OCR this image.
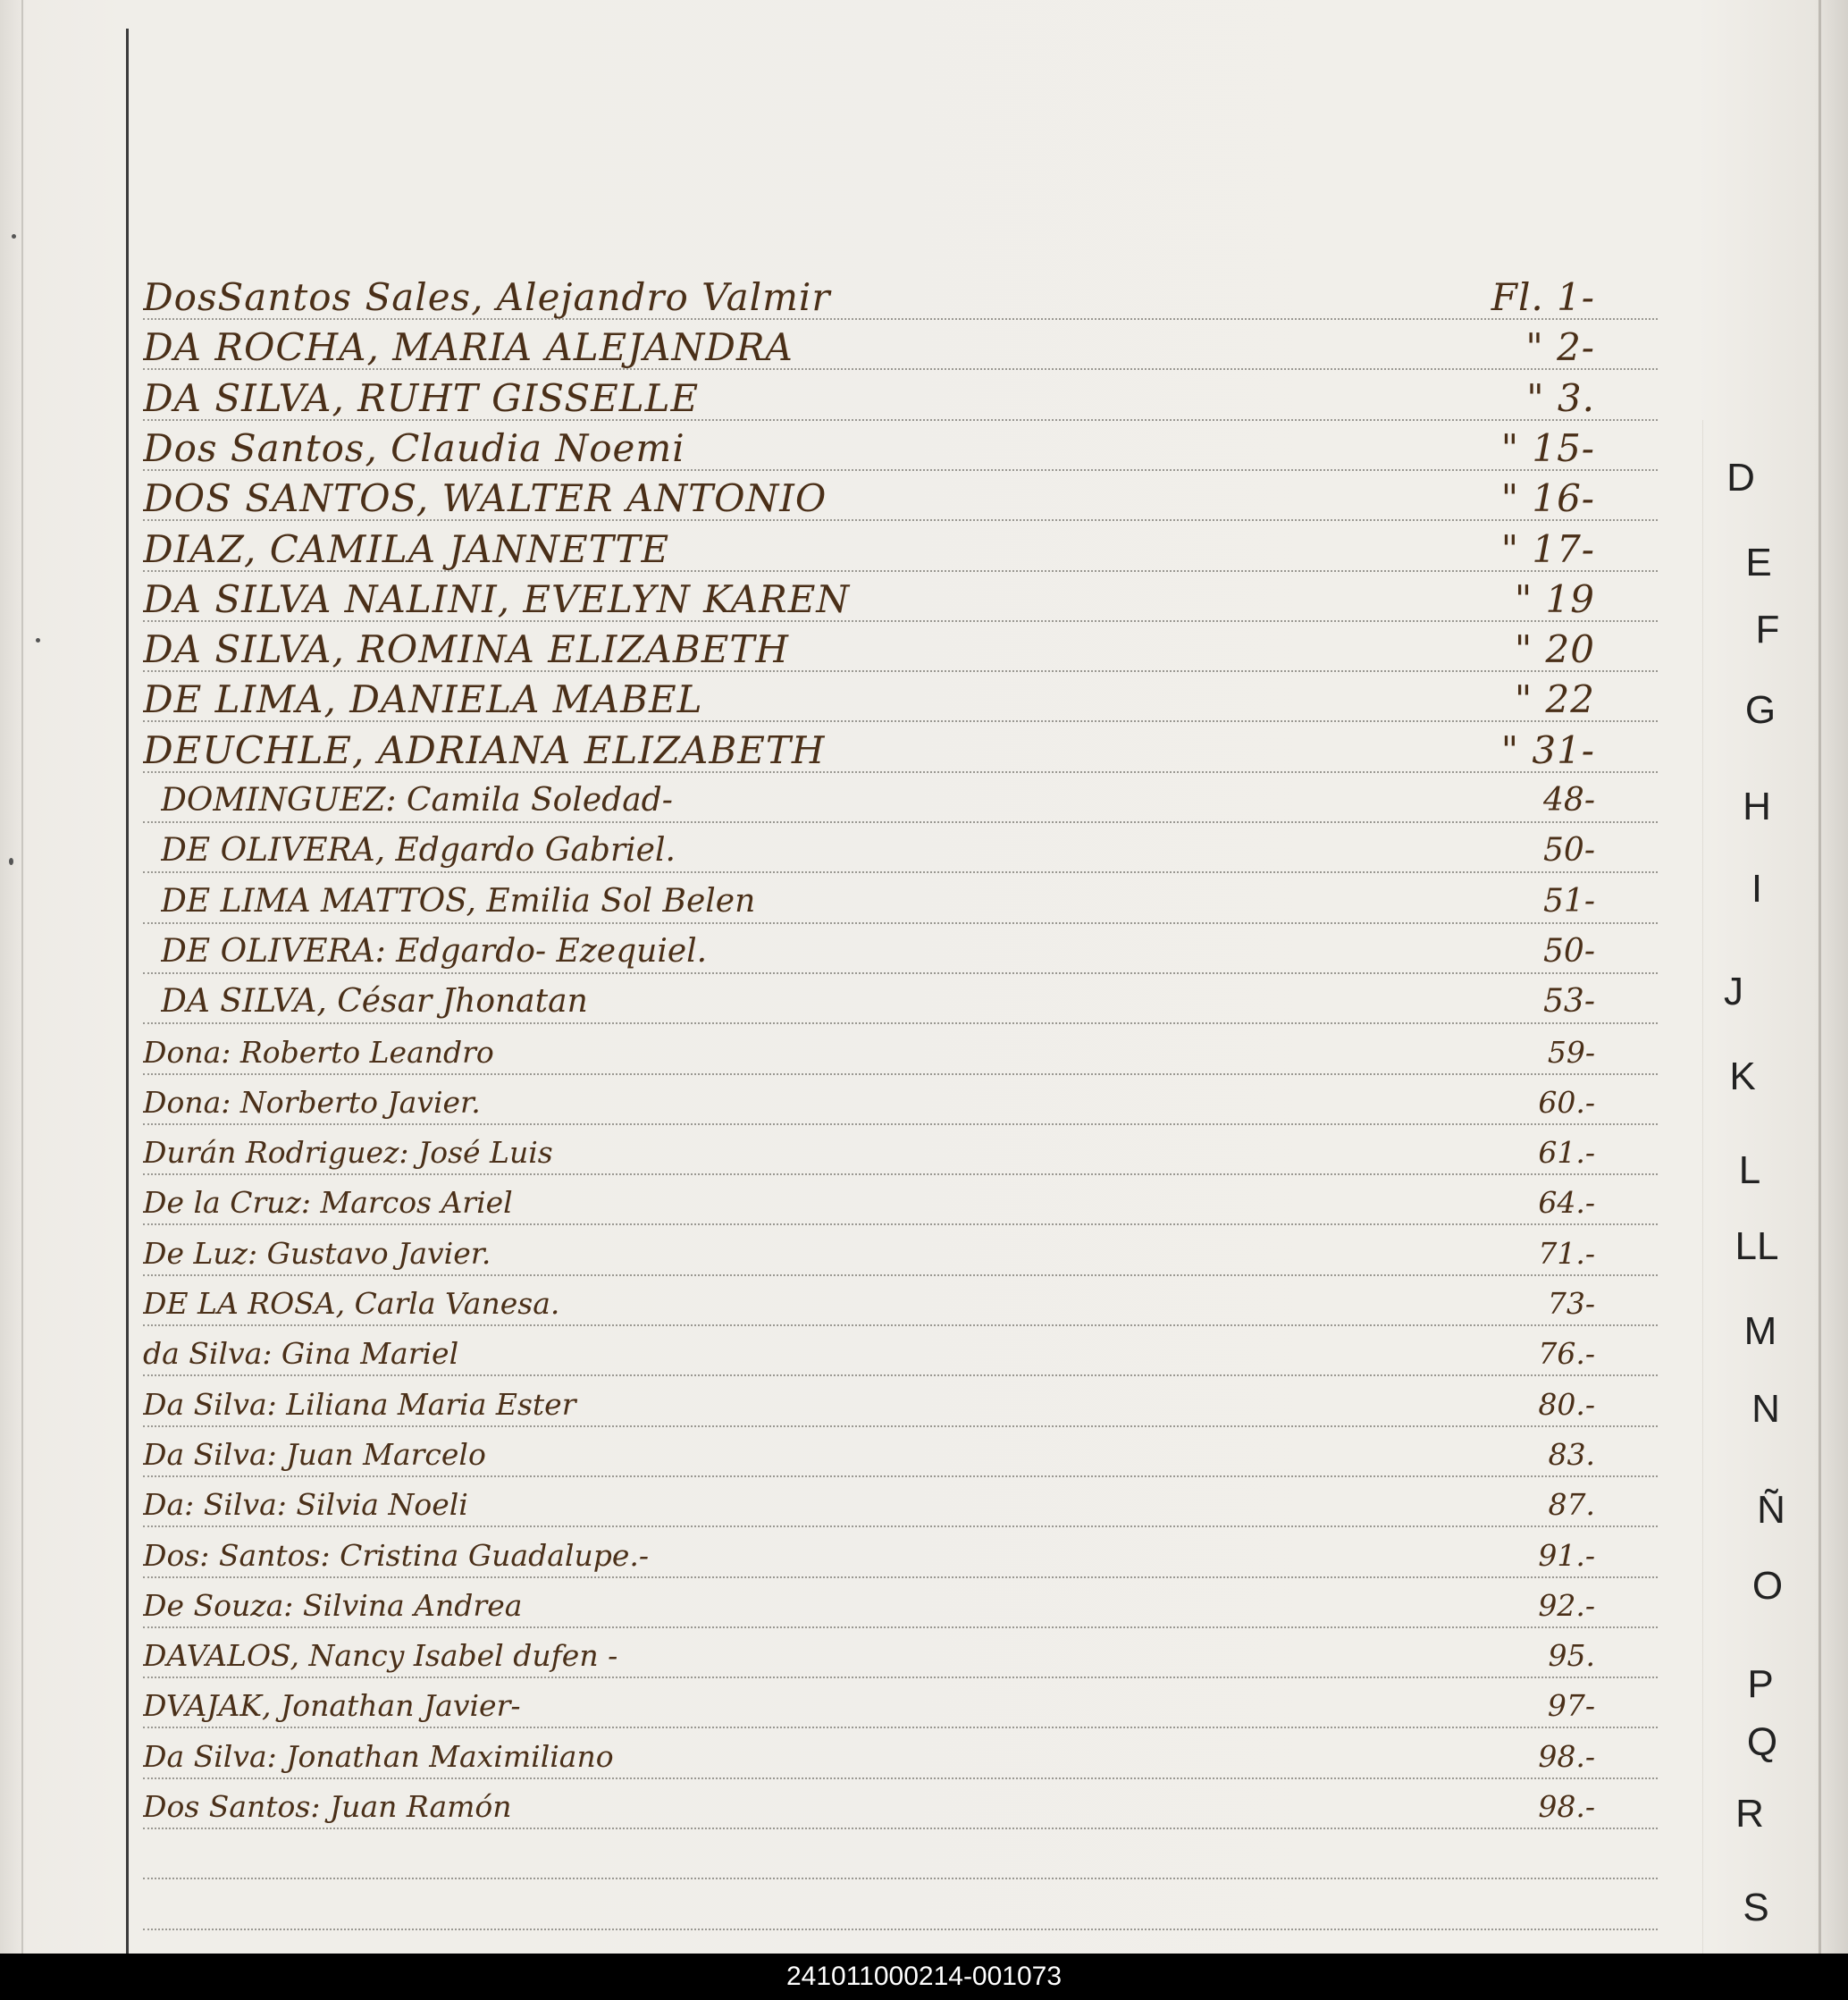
DosSantos Sales, Alejandro Valmir	Fl. 1-
DA ROCHA, MARIA ALEJANDRA	" 2-
DA SILVA, RUHT GISSELLE	" 3.
Dos Santos, Claudia Noemi	" 15-
DOS SANTOS, WALTER ANTONIO	" 16-
DIAZ, CAMILA JANNETTE	" 17-
DA SILVA NALINI, EVELYN KAREN	" 19
DA SILVA, ROMINA ELIZABETH	" 20
DE LIMA, DANIELA MABEL	" 22
DEUCHLE, ADRIANA ELIZABETH	" 31-
DOMINGUEZ: Camila Soledad-	48-
DE OLIVERA, Edgardo Gabriel.	50-
DE LIMA MATTOS, Emilia Sol Belen	51-
DE OLIVERA: Edgardo- Ezequiel.	50-
DA SILVA, César Jhonatan	53-
Dona: Roberto Leandro	59-
Dona: Norberto Javier.	60.-
Durán Rodriguez: José Luis	61.-
De la Cruz: Marcos Ariel	64.-
De Luz: Gustavo Javier.	71.-
DE LA ROSA, Carla Vanesa.	73-
da Silva: Gina Mariel	76.-
Da Silva: Liliana Maria Ester	80.-
Da Silva: Juan Marcelo	83.
Da: Silva: Silvia Noeli	87.
Dos: Santos: Cristina Guadalupe.-	91.-
De Souza: Silvina Andrea	92.-
DAVALOS, Nancy Isabel dufen -	95.
DVAJAK, Jonathan Javier-	97-
Da Silva: Jonathan Maximiliano	98.-
Dos Santos: Juan Ramón	98.-
D
E
F
G
H
I
J
K
L
LL
M
N
Ñ
O
P
Q
R
S
241011000214-001073
